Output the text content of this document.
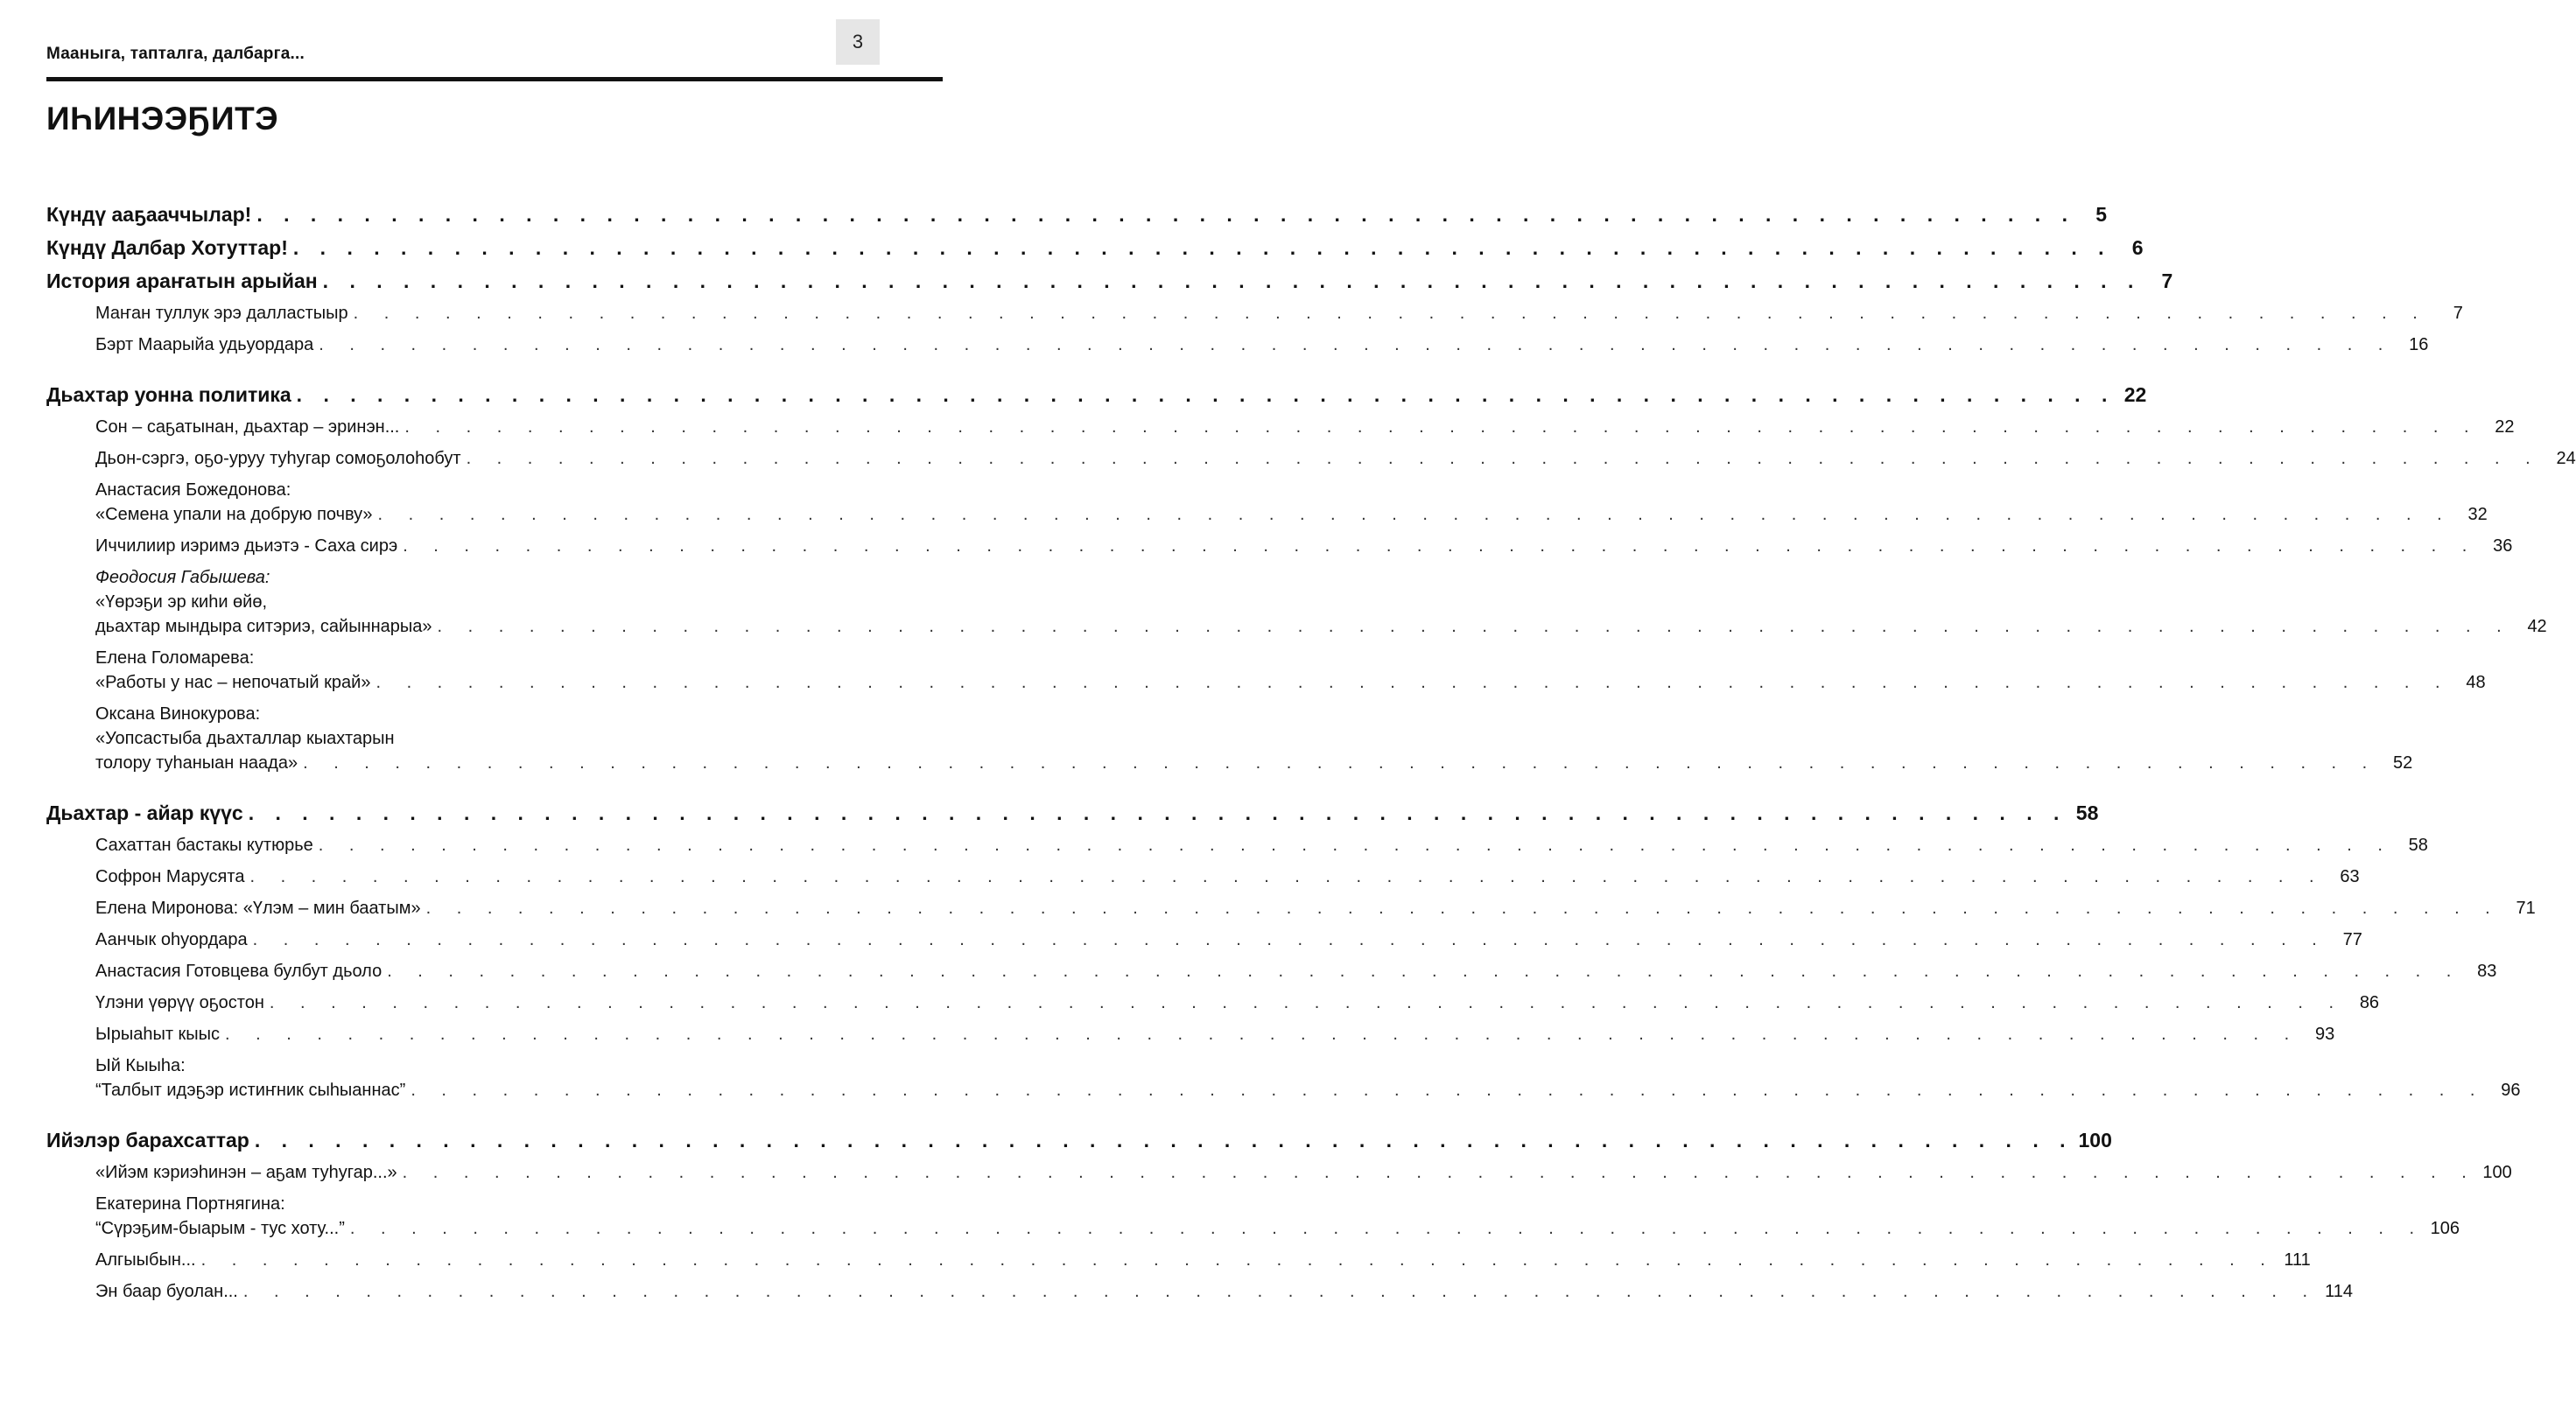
3
Мааныга, тапталга, далбарга...
ИҺИНЭЭҔИТЭ
Күндү ааҕааччылар! . . . . . . . . . . . . . . . . . . . . . . . . . . . . . . . . . . . . . . . . . . . . . . . . . . . . . . . . . . . . . . . . . . . .	5
Күндү Далбар Хотуттар! . . . . . . . . . . . . . . . . . . . . . . . . . . . . . . . . . . . . . . . . . . . . . . . . . . . . . . . . . . . . . . . . . . . .	6
История араҥатын арыйан . . . . . . . . . . . . . . . . . . . . . . . . . . . . . . . . . . . . . . . . . . . . . . . . . . . . . . . . . . . . . . . . . . . .	7
Маҥан туллук эрэ далластыыр . . . . . . . . . . . . . . . . . . . . . . . . . . . . . . . . . . . . . . . . . . . . . . . . . . . . . . . . . . . . . . . . . . . .	7
Бэрт Маарыйа удьуордара . . . . . . . . . . . . . . . . . . . . . . . . . . . . . . . . . . . . . . . . . . . . . . . . . . . . . . . . . . . . . . . . . . . . 16
Дьахтар уонна политика . . . . . . . . . . . . . . . . . . . . . . . . . . . . . . . . . . . . . . . . . . . . . . . . . . . . . . . . . . . . . . . . . . . . 22
Сон – саҕатынан, дьахтар – эринэн... . . . . . . . . . . . . . . . . . . . . . . . . . . . . . . . . . . . . . . . . . . . . . . . . . . . . . . . . . . . . . . . . . . . . 22
Дьон-сэргэ, оҕо-уруу туһугар сомоҕолоһобут . . . . . . . . . . . . . . . . . . . . . . . . . . . . . . . . . . . . . . . . . . . . . . . . . . . . . . . . . . . . . . . . . . . . 24
Анастасия Божедонова:
«Семена упали на добрую почву» . . . . . . . . . . . . . . . . . . . . . . . . . . . . . . . . . . . . . . . . . . . . . . . . . . . . . . . . . . . . . . . . . . . . 32
Иччилиир иэримэ дьиэтэ - Саха сирэ . . . . . . . . . . . . . . . . . . . . . . . . . . . . . . . . . . . . . . . . . . . . . . . . . . . . . . . . . . . . . . . . . . . . 36
Феодосия Габышева:
«Үөрэҕи эр киһи өйө,
дьахтар мындыра ситэриэ, сайыннарыа» . . . . . . . . . . . . . . . . . . . . . . . . . . . . . . . . . . . . . . . . . . . . . . . . . . . . . . . . . . . . . . . . . . . . 42
Елена Голомарева:
«Работы у нас – непочатый край» . . . . . . . . . . . . . . . . . . . . . . . . . . . . . . . . . . . . . . . . . . . . . . . . . . . . . . . . . . . . . . . . . . . . 48
Оксана Винокурова:
«Уопсастыба дьахталлар кыахтарын
толору туһаныан наада» . . . . . . . . . . . . . . . . . . . . . . . . . . . . . . . . . . . . . . . . . . . . . . . . . . . . . . . . . . . . . . . . . . . . 52
Дьахтар - айар күүс . . . . . . . . . . . . . . . . . . . . . . . . . . . . . . . . . . . . . . . . . . . . . . . . . . . . . . . . . . . . . . . . . . . . 58
Сахаттан бастакы кутюрье . . . . . . . . . . . . . . . . . . . . . . . . . . . . . . . . . . . . . . . . . . . . . . . . . . . . . . . . . . . . . . . . . . . . 58
Софрон Марусята . . . . . . . . . . . . . . . . . . . . . . . . . . . . . . . . . . . . . . . . . . . . . . . . . . . . . . . . . . . . . . . . . . . . 63
Елена Миронова: «Үлэм – мин баатым» . . . . . . . . . . . . . . . . . . . . . . . . . . . . . . . . . . . . . . . . . . . . . . . . . . . . . . . . . . . . . . . . . . . . 71
Аанчык оһуордара . . . . . . . . . . . . . . . . . . . . . . . . . . . . . . . . . . . . . . . . . . . . . . . . . . . . . . . . . . . . . . . . . . . . 77
Анастасия Готовцева булбут дьоло . . . . . . . . . . . . . . . . . . . . . . . . . . . . . . . . . . . . . . . . . . . . . . . . . . . . . . . . . . . . . . . . . . . . 83
Үлэни үөрүү оҕостон . . . . . . . . . . . . . . . . . . . . . . . . . . . . . . . . . . . . . . . . . . . . . . . . . . . . . . . . . . . . . . . . . . . . 86
Ырыаһыт кыыс . . . . . . . . . . . . . . . . . . . . . . . . . . . . . . . . . . . . . . . . . . . . . . . . . . . . . . . . . . . . . . . . . . . . 93
Ый Кыыһа:
“Талбыт идэҕэр истиҥник сыһыаннас” . . . . . . . . . . . . . . . . . . . . . . . . . . . . . . . . . . . . . . . . . . . . . . . . . . . . . . . . . . . . . . . . . . . . 96
Ийэлэр барахсаттар . . . . . . . . . . . . . . . . . . . . . . . . . . . . . . . . . . . . . . . . . . . . . . . . . . . . . . . . . . . . . . . . . . . . 100
«Ийэм кэриэһинэн – аҕам туһугар...» . . . . . . . . . . . . . . . . . . . . . . . . . . . . . . . . . . . . . . . . . . . . . . . . . . . . . . . . . . . . . . . . . . . . 100
Екатерина Портнягина:
“Сүрэҕим-быарым - тус хоту...” . . . . . . . . . . . . . . . . . . . . . . . . . . . . . . . . . . . . . . . . . . . . . . . . . . . . . . . . . . . . . . . . . . . . 106
Алгыыбын... . . . . . . . . . . . . . . . . . . . . . . . . . . . . . . . . . . . . . . . . . . . . . . . . . . . . . . . . . . . . . . . . . . . . 111
Эн баар буолан... . . . . . . . . . . . . . . . . . . . . . . . . . . . . . . . . . . . . . . . . . . . . . . . . . . . . . . . . . . . . . . . . . . . . 114
